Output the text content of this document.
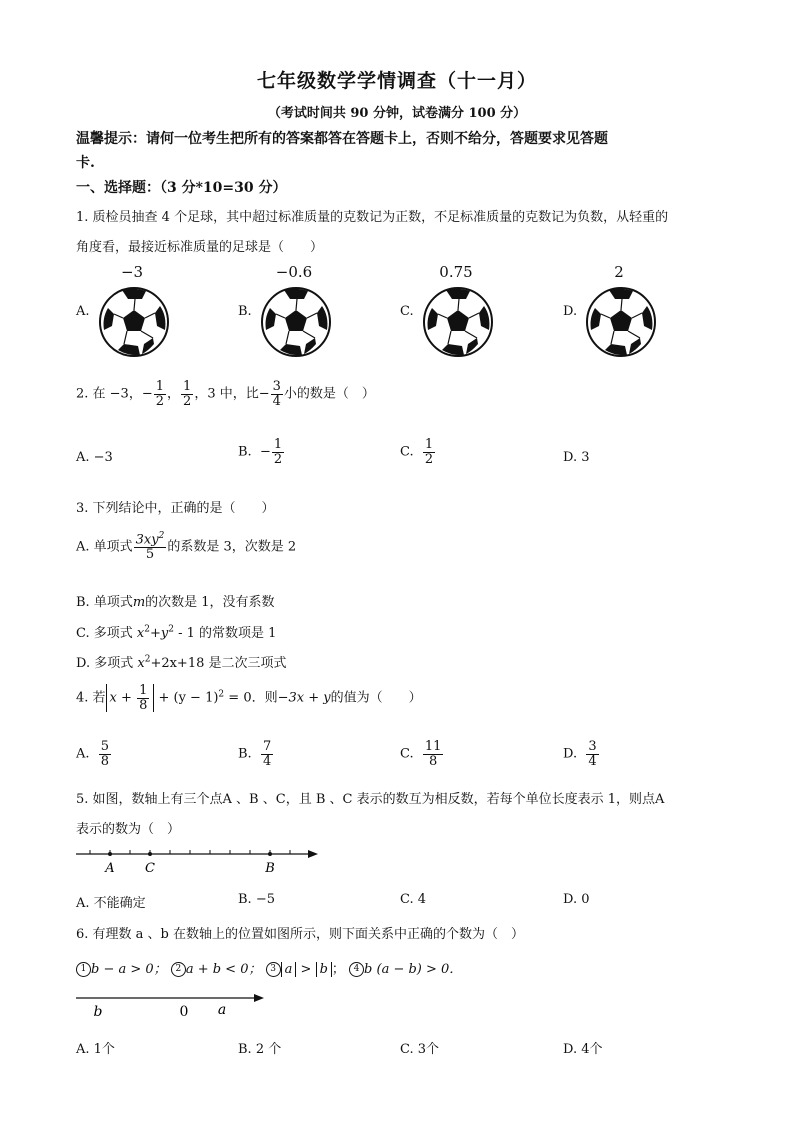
七年级数学学情调查（十一月）
（考试时间共 90 分钟，试卷满分 100 分）
温馨提示：请何一位考生把所有的答案都答在答题卡上，否则不给分，答题要求见答题
卡.
一、选择题：（3 分*10=30 分）
1. 质检员抽查 4 个足球，其中超过标准质量的克数记为正数，不足标准质量的克数记为负数，从轻重的
角度看，最接近标准质量的足球是（　　）
A.
−3
B.
−0.6
C.
0.75
D.
2
2. 在 −3，− $\frac{1}{2}$ ， $\frac{1}{2}$ ，3 中，比− $\frac{3}{4}$ 小的数是（　）
A. −3	B. − $\frac{1}{2}$	C. $\frac{1}{2}$	D. 3
3. 下列结论中，正确的是（　　）
A. 单项式 $\frac{3xy^2}{5}$ 的系数是 3，次数是 2
B. 单项式m的次数是 1，没有系数
C. 多项式 $x^2+y^2 - 1$ 的常数项是 1
D. 多项式 $x^2+2x+18$ 是二次三项式
4. 若 $x + \frac{1}{8} + (y - 1)^2 = 0$．则−3x + y的值为（　　）
A. $\frac{5}{8}$	B. $\frac{7}{4}$	C. $\frac{11}{8}$	D. $\frac{3}{4}$
5. 如图，数轴上有三个点A 、B 、C，且 B 、C 表示的数互为相反数，若每个单位长度表示 1，则点A
表示的数为（　）
A C	B
A. 不能确定	B. −5	C. 4	D. 0
6. 有理数 a 、b 在数轴上的位置如图所示，则下面关系中正确的个数为（　）
1 b − a > 0； 2 a + b < 0； 3 a > b ； 4 b (a − b) > 0．
b	0 a
A. 1个	B. 2 个	C. 3个	D. 4个
